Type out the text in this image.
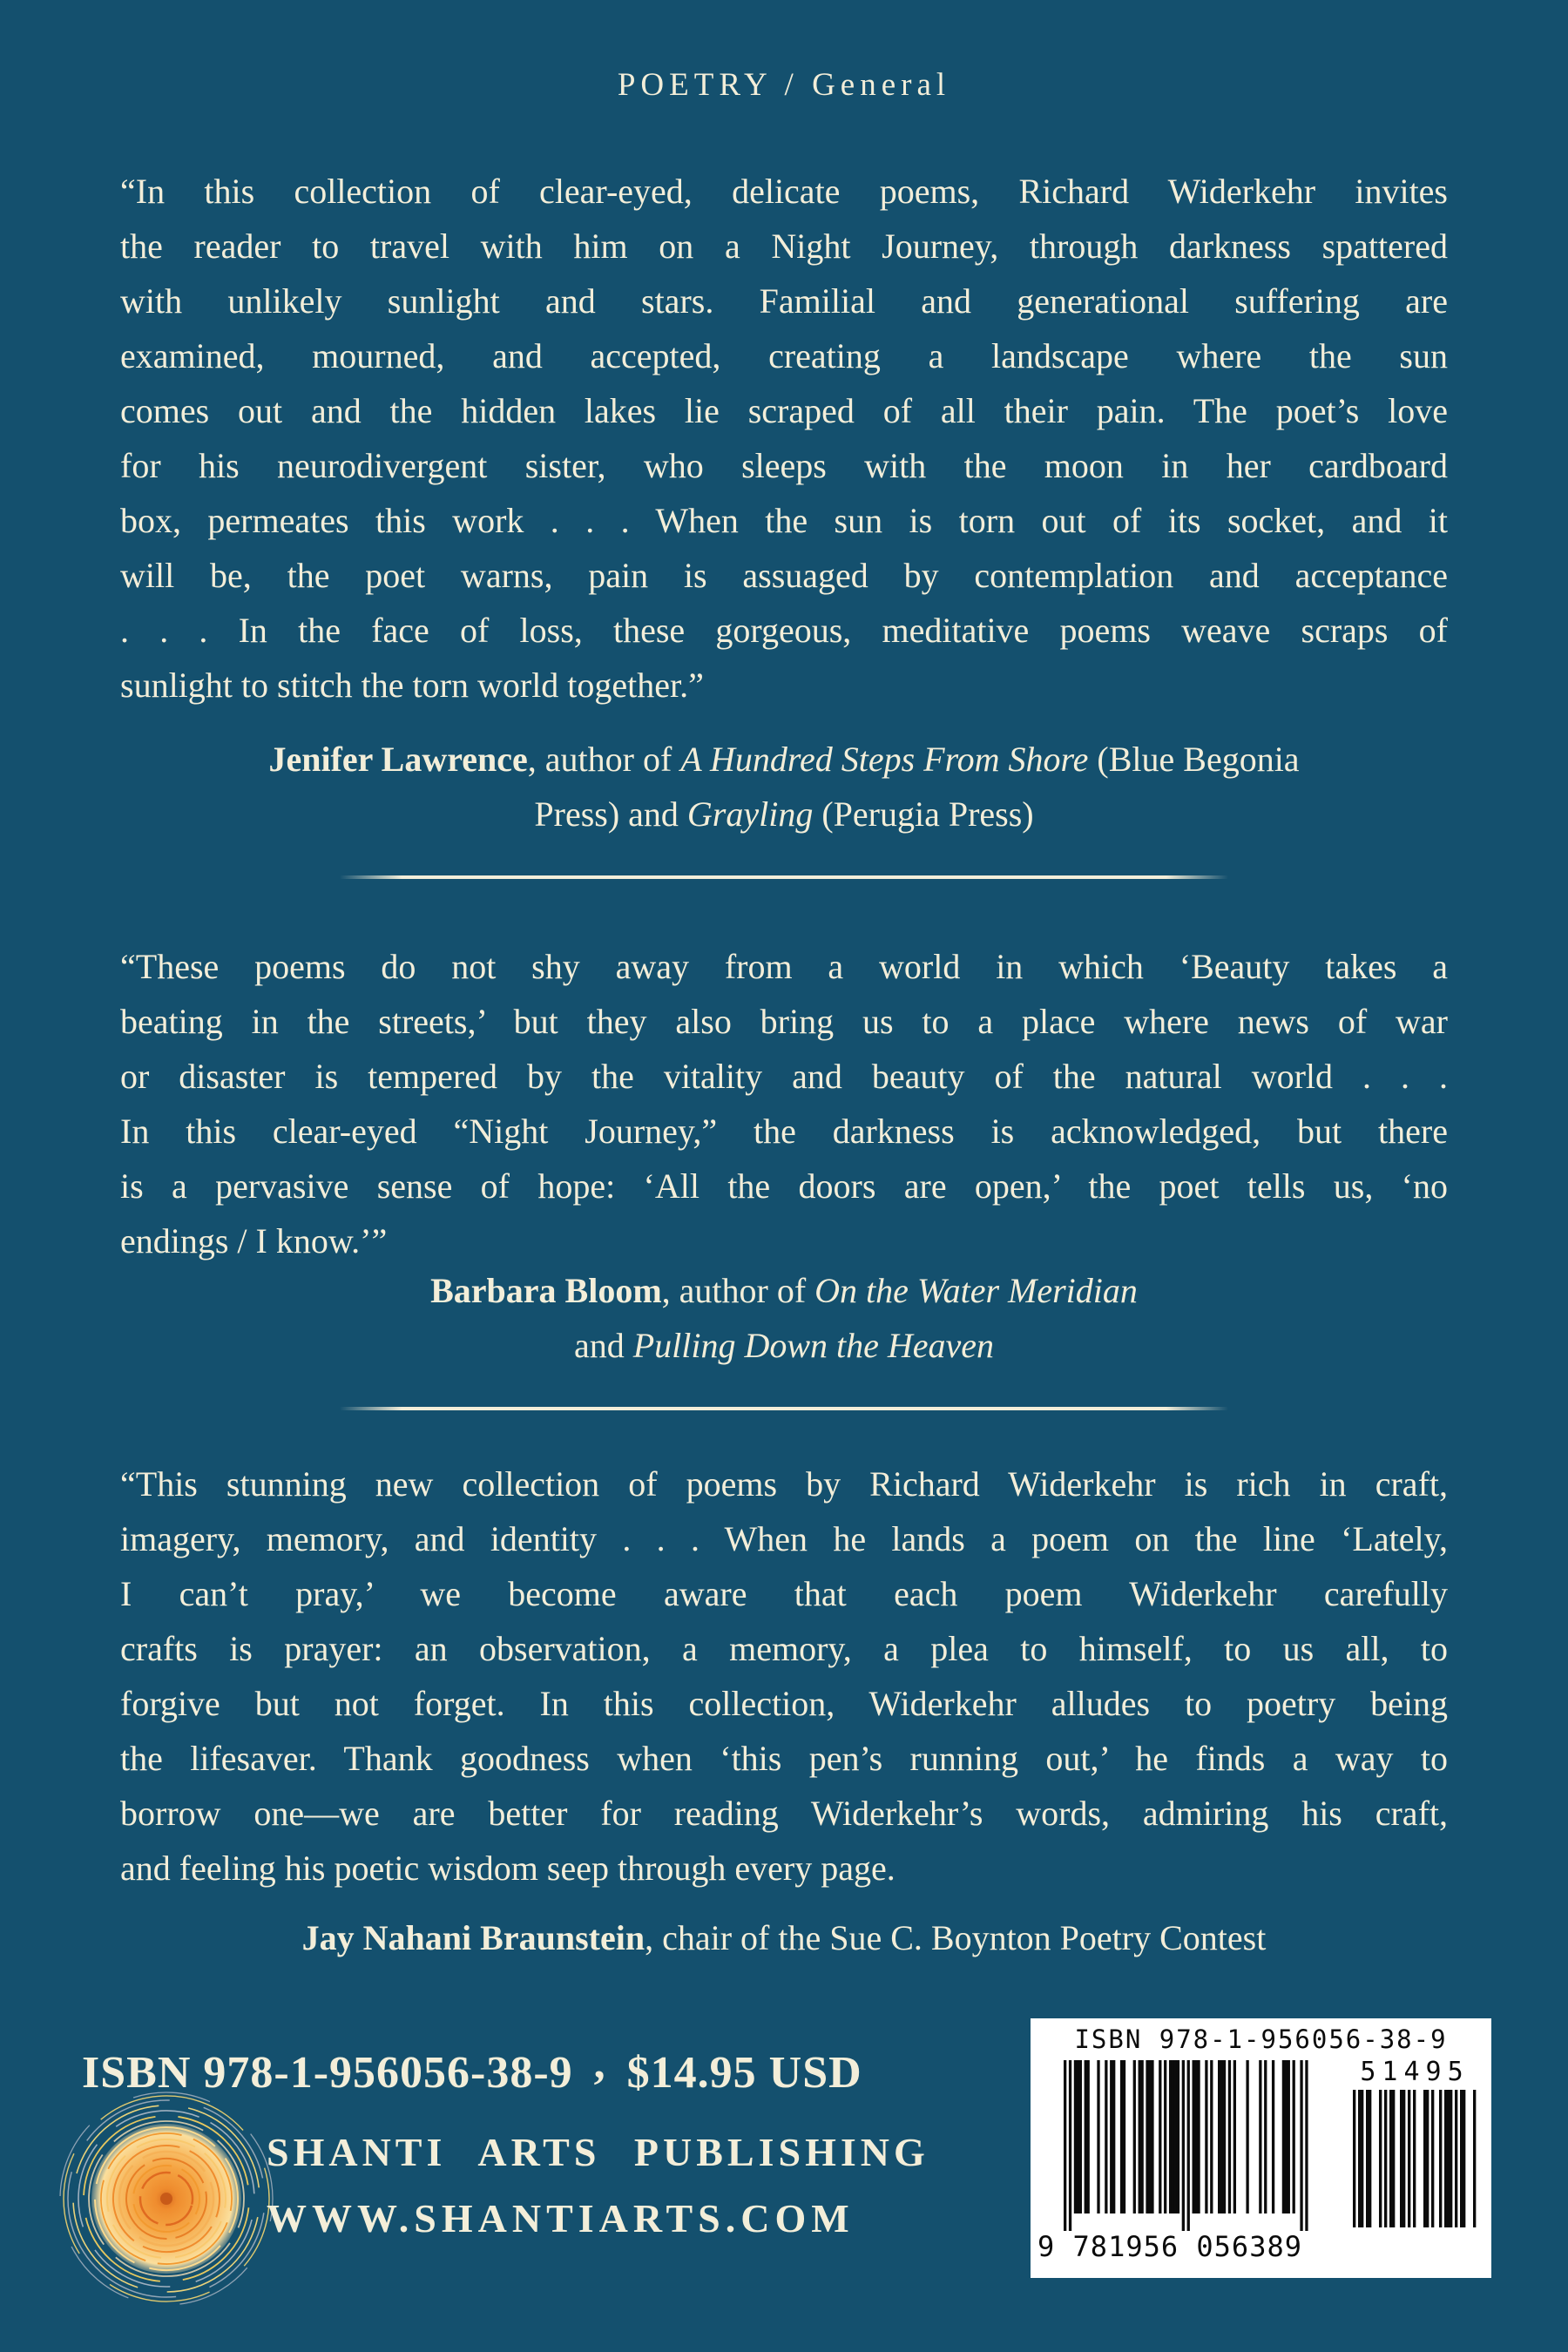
POETRY / General
“In this collection of clear-eyed, delicate poems, Richard Widerkehr invites
the reader to travel with him on a Night Journey, through darkness spattered
with unlikely sunlight and stars. Familial and generational suffering are
examined, mourned, and accepted, creating a landscape where the sun
comes out and the hidden lakes lie scraped of all their pain. The poet’s love
for his neurodivergent sister, who sleeps with the moon in her cardboard
box, permeates this work . . . When the sun is torn out of its socket, and it
will be, the poet warns, pain is assuaged by contemplation and acceptance
. . . In the face of loss, these gorgeous, meditative poems weave scraps of
sunlight to stitch the torn world together.”
Jenifer Lawrence, author of A Hundred Steps From Shore (Blue Begonia
Press) and Grayling (Perugia Press)
“These poems do not shy away from a world in which ‘Beauty takes a
beating in the streets,’ but they also bring us to a place where news of war
or disaster is tempered by the vitality and beauty of the natural world . . .
In this clear-eyed “Night Journey,” the darkness is acknowledged, but there
is a pervasive sense of hope: ‘All the doors are open,’ the poet tells us, ‘no
endings / I know.’”
Barbara Bloom, author of On the Water Meridian
and Pulling Down the Heaven
“This stunning new collection of poems by Richard Widerkehr is rich in craft,
imagery, memory, and identity . . . When he lands a poem on the line ‘Lately,
I can’t pray,’ we become aware that each poem Widerkehr carefully
crafts is prayer: an observation, a memory, a plea to himself, to us all, to
forgive but not forget. In this collection, Widerkehr alludes to poetry being
the lifesaver. Thank goodness when ‘this pen’s running out,’ he finds a way to
borrow one—we are better for reading Widerkehr’s words, admiring his craft,
and feeling his poetic wisdom seep through every page.
Jay Nahani Braunstein, chair of the Sue C. Boynton Poetry Contest
ISBN 978-1-956056-38-9 , $14.95 USD
SHANTI ARTS PUBLISHING
WWW.SHANTIARTS.COM
ISBN 978-1-956056-38-9
51495
9 781956 056389
